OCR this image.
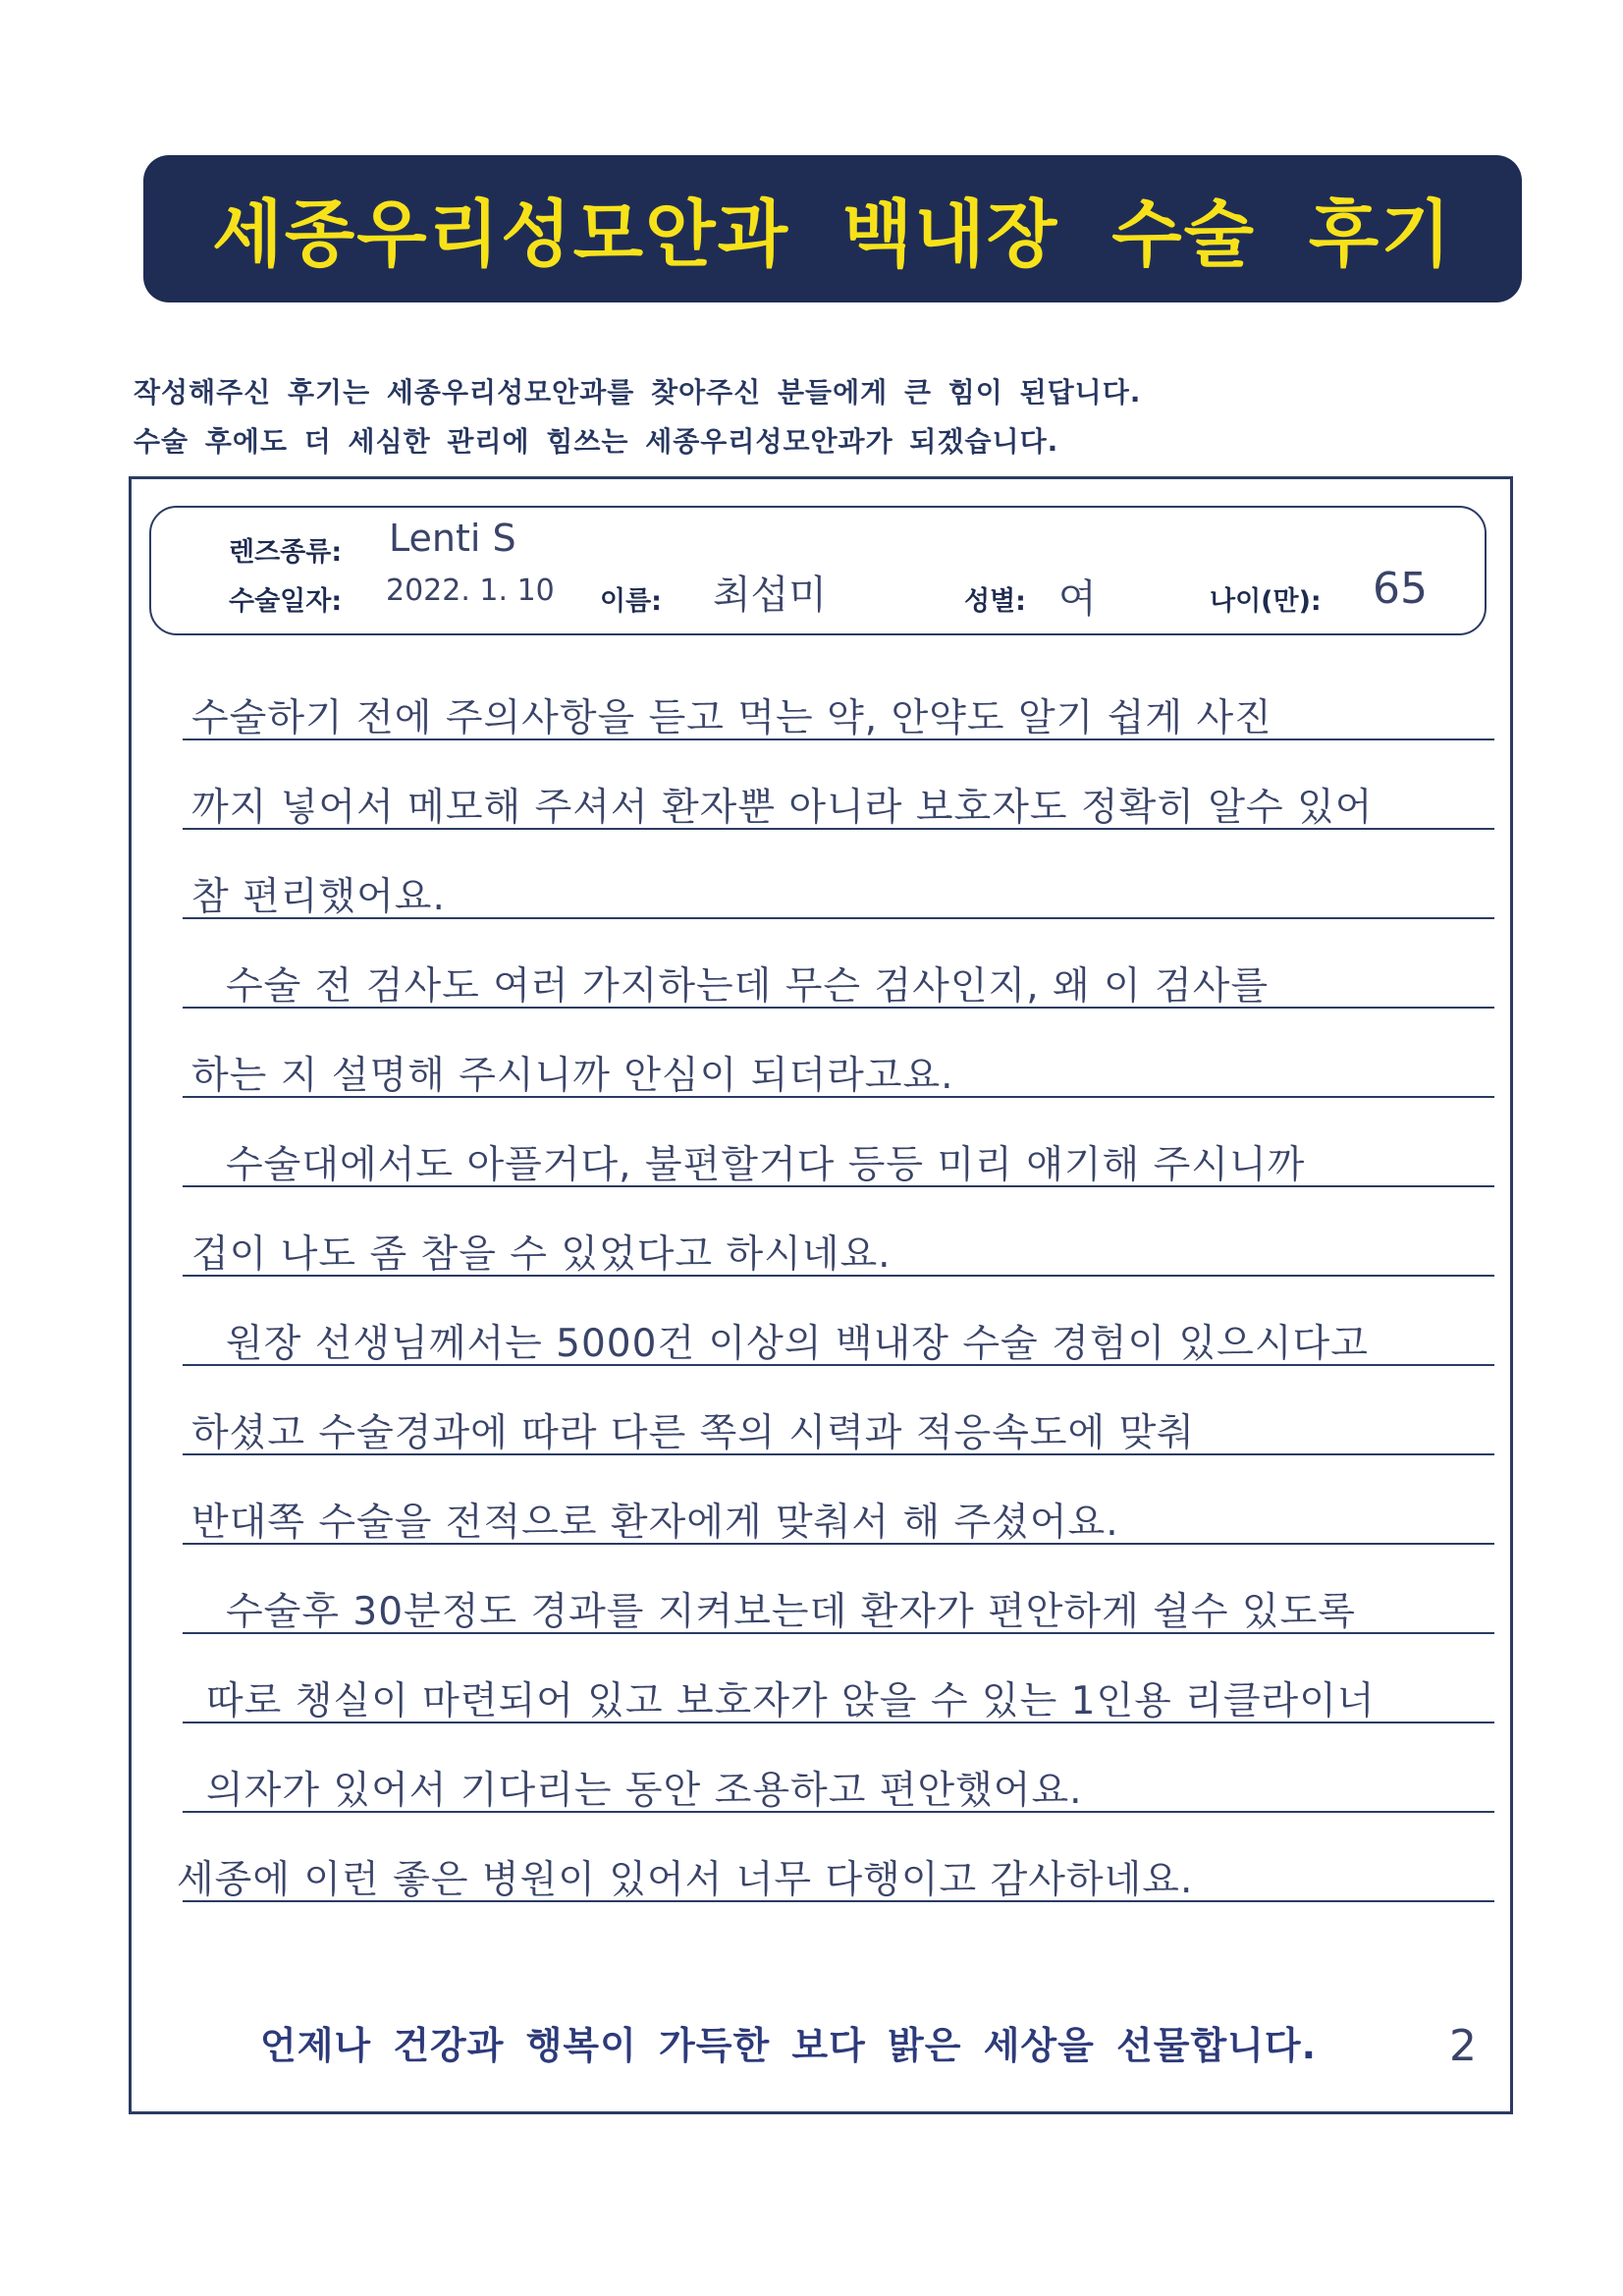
세종우리성모안과 백내장 수술 후기
작성해주신 후기는 세종우리성모안과를 찾아주신 분들에게 큰 힘이 된답니다.
수술 후에도 더 세심한 관리에 힘쓰는 세종우리성모안과가 되겠습니다.
렌즈종류: Lenti S
수술일자: 2022. 1. 10 이름: 최섭미	성별: 여	나이(만): 65
수술하기 전에 주의사항을 듣고 먹는 약, 안약도 알기 쉽게 사진
까지 넣어서 메모해 주셔서 환자뿐 아니라 보호자도 정확히 알수 있어
참 편리했어요.
수술 전 검사도 여러 가지하는데 무슨 검사인지, 왜 이 검사를
하는 지 설명해 주시니까 안심이 되더라고요.
수술대에서도 아플거다, 불편할거다 등등 미리 얘기해 주시니까
겁이 나도 좀 참을 수 있었다고 하시네요.
원장 선생님께서는 5000건 이상의 백내장 수술 경험이 있으시다고
하셨고 수술경과에 따라 다른 쪽의 시력과 적응속도에 맞춰
반대쪽 수술을 전적으로 환자에게 맞춰서 해 주셨어요.
수술후 30분정도 경과를 지켜보는데 환자가 편안하게 쉴수 있도록
따로 챙실이 마련되어 있고 보호자가 앉을 수 있는 1인용 리클라이너
의자가 있어서 기다리는 동안 조용하고 편안했어요.
세종에 이런 좋은 병원이 있어서 너무 다행이고 감사하네요.
언제나 건강과 행복이 가득한 보다 밝은 세상을 선물합니다.	2
